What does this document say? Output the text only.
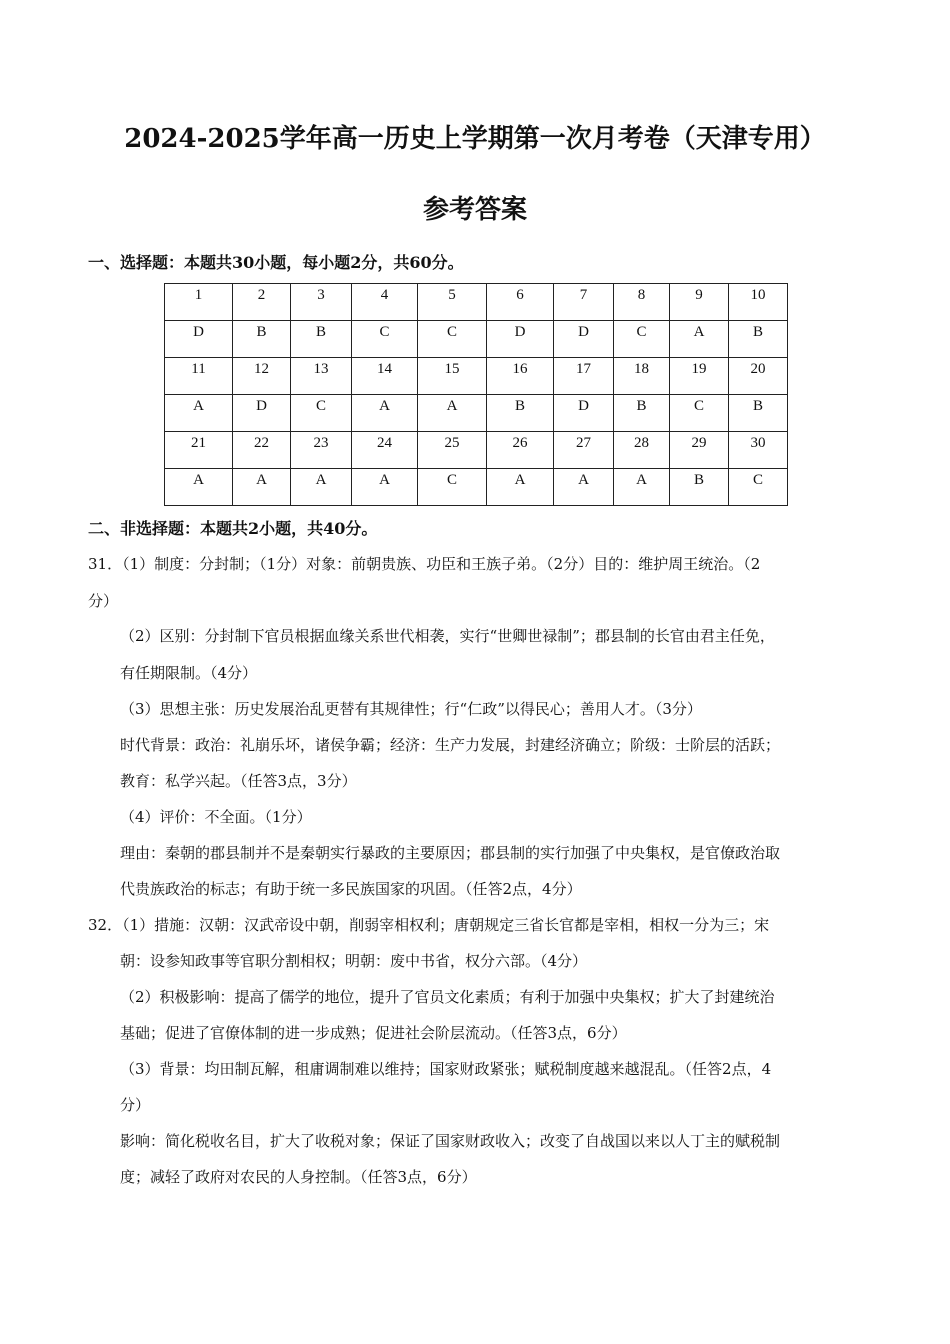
2024-2025学年高一历史上学期第一次月考卷（天津专用）
参考答案

一、选择题：本题共30小题，每小题2分，共60分。

1	2	3	4	5	6	7	8	9	10
D	B	B	C	C	D	D	C	A	B
11	12	13	14	15	16	17	18	19	20
A	D	C	A	A	B	D	B	C	B
21	22	23	24	25	26	27	28	29	30
A	A	A	A	C	A	A	A	B	C

二、非选择题：本题共2小题，共40分。

31．（1）制度：分封制；（1分）对象：前朝贵族、功臣和王族子弟。（2分）目的：维护周王统治。（2

分）

（2）区别：分封制下官员根据血缘关系世代相袭，实行“世卿世禄制”；郡县制的长官由君主任免，

有任期限制。（4分）

（3）思想主张：历史发展治乱更替有其规律性；行“仁政”以得民心；善用人才。（3分）

时代背景：政治：礼崩乐坏，诸侯争霸；经济：生产力发展，封建经济确立；阶级：士阶层的活跃；

教育：私学兴起。（任答3点，3分）

（4）评价：不全面。（1分）

理由：秦朝的郡县制并不是秦朝实行暴政的主要原因；郡县制的实行加强了中央集权，是官僚政治取

代贵族政治的标志；有助于统一多民族国家的巩固。（任答2点，4分）

32．（1）措施：汉朝：汉武帝设中朝，削弱宰相权利；唐朝规定三省长官都是宰相，相权一分为三；宋

朝：设参知政事等官职分割相权；明朝：废中书省，权分六部。（4分）

（2）积极影响：提高了儒学的地位，提升了官员文化素质；有利于加强中央集权；扩大了封建统治

基础；促进了官僚体制的进一步成熟；促进社会阶层流动。（任答3点，6分）

（3）背景：均田制瓦解，租庸调制难以维持；国家财政紧张；赋税制度越来越混乱。（任答2点，4

分）

影响：简化税收名目，扩大了收税对象；保证了国家财政收入；改变了自战国以来以人丁主的赋税制

度；减轻了政府对农民的人身控制。（任答3点，6分）
